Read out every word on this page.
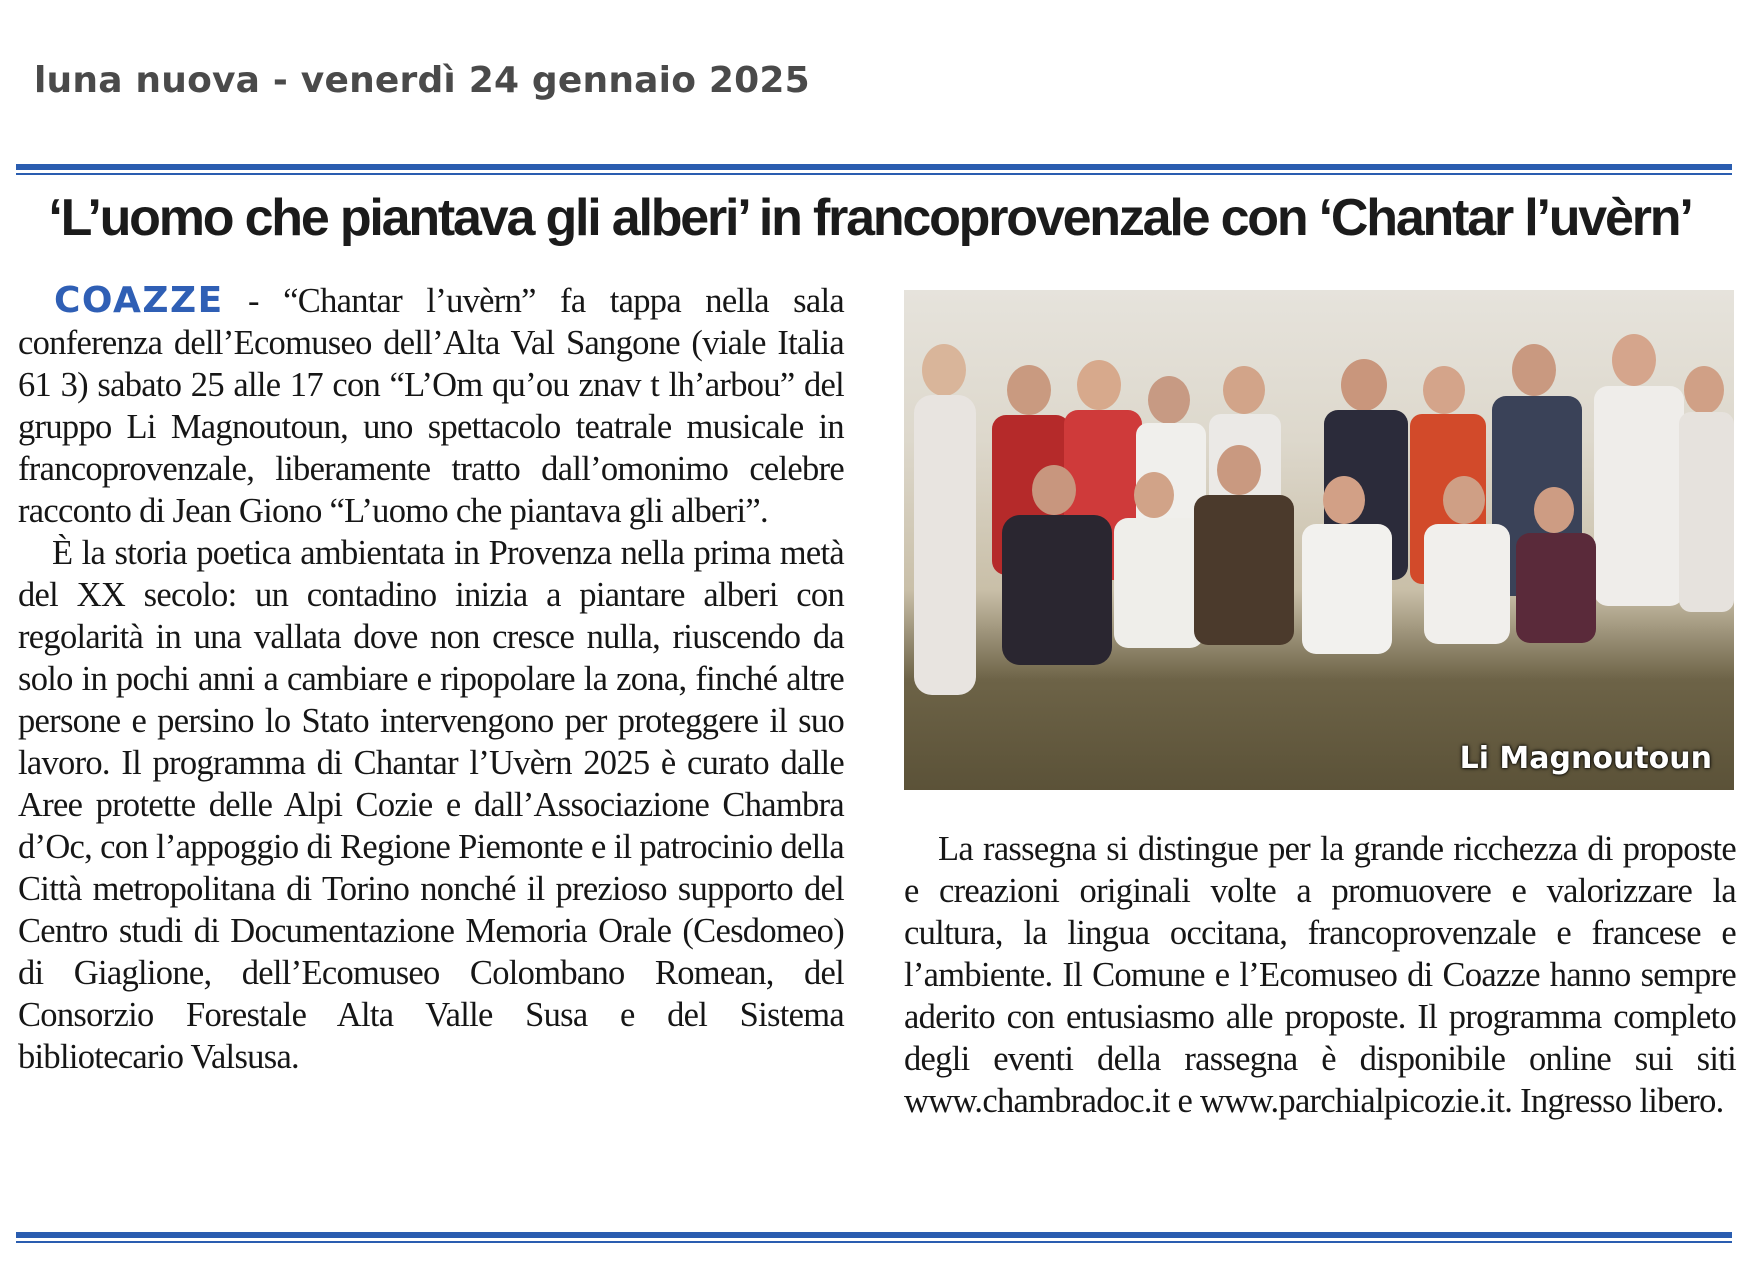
luna nuova - venerdì 24 gennaio 2025
‘L’uomo che piantava gli alberi’ in francoprovenzale con ‘Chantar l’uvèrn’

COAZZE - “Chantar l’uvèrn” fa tappa nella sala conferenza dell’Ecomuseo dell’Alta Val Sangone (viale Italia 61 3) sabato 25 alle 17 con “L’Om qu’ou znav t lh’arbou” del gruppo Li Magnoutoun, uno spettacolo teatrale musicale in francoprovenzale, liberamente tratto dall’omonimo celebre racconto di Jean Giono “L’uomo che piantava gli alberi”.

È la storia poetica ambientata in Provenza nella prima metà del XX secolo: un contadino inizia a piantare alberi con regolarità in una vallata dove non cresce nulla, riuscendo da solo in pochi anni a cambiare e ripopolare la zona, finché altre persone e persino lo Stato intervengono per proteggere il suo lavoro. Il programma di Chantar l’Uvèrn 2025 è curato dalle Aree protette delle Alpi Cozie e dall’Associazione Chambra d’Oc, con l’appoggio di Regione Piemonte e il patrocinio della Città metropolitana di Torino nonché il prezioso supporto del Centro studi di Documentazione Memoria Orale (Cesdomeo) di Giaglione, dell’Ecomuseo Colombano Romean, del Consorzio Forestale Alta Valle Susa e del Sistema bibliotecario Valsusa.

Li Magnoutoun

La rassegna si distingue per la grande ricchezza di proposte e creazioni originali volte a promuovere e valorizzare la cultura, la lingua occitana, francoprovenzale e francese e l’ambiente. Il Comune e l’Ecomuseo di Coazze hanno sempre aderito con entusiasmo alle proposte. Il programma completo degli eventi della rassegna è disponibile online sui siti www.chambradoc.it e www.parchialpicozie.it. Ingresso libero.
